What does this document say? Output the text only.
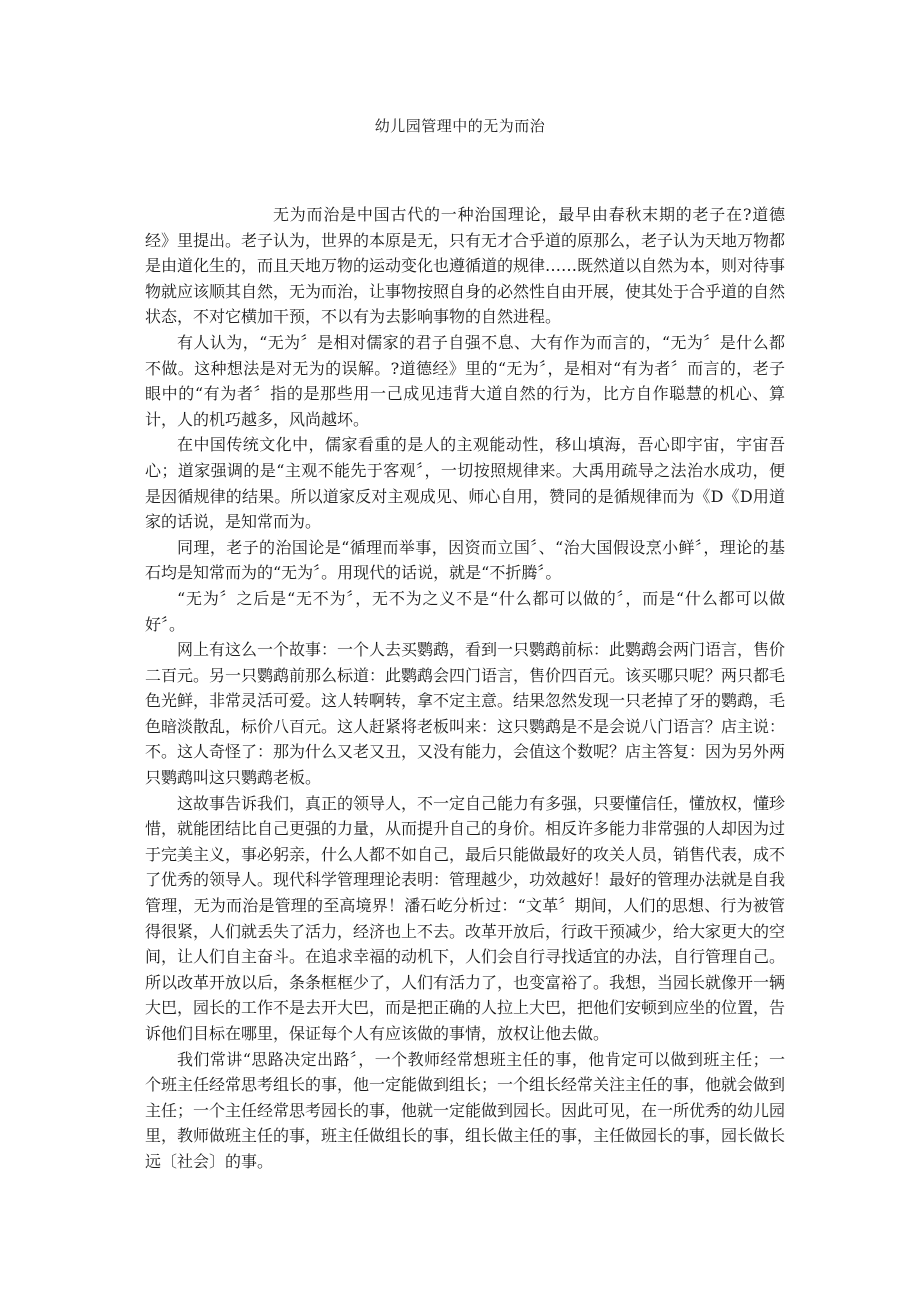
幼儿园管理中的无为而治

无为而治是中国古代的一种治国理论，最早由春秋末期的老子在?道德经》里提出。老子认为，世界的本原是无，只有无才合乎道的原那么，老子认为天地万物都是由道化生的，而且天地万物的运动变化也遵循道的规律……既然道以自然为本，则对待事物就应该顺其自然，无为而治，让事物按照自身的必然性自由开展，使其处于合乎道的自然状态，不对它横加干预，不以有为去影响事物的自然进程。

有人认为，“无为〞是相对儒家的君子自强不息、大有作为而言的，“无为〞是什么都不做。这种想法是对无为的误解。?道德经》里的“无为〞，是相对“有为者〞而言的，老子眼中的“有为者〞指的是那些用一己成见违背大道自然的行为，比方自作聪慧的机心、算计，人的机巧越多，风尚越坏。

在中国传统文化中，儒家看重的是人的主观能动性，移山填海，吾心即宇宙，宇宙吾心；道家强调的是“主观不能先于客观〞，一切按照规律来。大禹用疏导之法治水成功，便是因循规律的结果。所以道家反对主观成见、师心自用，赞同的是循规律而为《D《D用道家的话说，是知常而为。

同理，老子的治国论是“循理而举事，因资而立国〞、“治大国假设烹小鲜〞，理论的基石均是知常而为的“无为〞。用现代的话说，就是“不折腾〞。

“无为〞之后是“无不为〞，无不为之义不是“什么都可以做的〞，而是“什么都可以做好〞。

网上有这么一个故事：一个人去买鹦鹉，看到一只鹦鹉前标：此鹦鹉会两门语言，售价二百元。另一只鹦鹉前那么标道：此鹦鹉会四门语言，售价四百元。该买哪只呢？两只都毛色光鲜，非常灵活可爱。这人转啊转，拿不定主意。结果忽然发现一只老掉了牙的鹦鹉，毛色暗淡散乱，标价八百元。这人赶紧将老板叫来：这只鹦鹉是不是会说八门语言？店主说：不。这人奇怪了：那为什么又老又丑，又没有能力，会值这个数呢？店主答复：因为另外两只鹦鹉叫这只鹦鹉老板。

这故事告诉我们，真正的领导人，不一定自己能力有多强，只要懂信任，懂放权，懂珍惜，就能团结比自己更强的力量，从而提升自己的身价。相反许多能力非常强的人却因为过于完美主义，事必躬亲，什么人都不如自己，最后只能做最好的攻关人员，销售代表，成不了优秀的领导人。现代科学管理理论表明：管理越少，功效越好！最好的管理办法就是自我管理，无为而治是管理的至高境界！潘石屹分析过：“文革〞期间，人们的思想、行为被管得很紧，人们就丢失了活力，经济也上不去。改革开放后，行政干预减少，给大家更大的空间，让人们自主奋斗。在追求幸福的动机下，人们会自行寻找适宜的办法，自行管理自己。所以改革开放以后，条条框框少了，人们有活力了，也变富裕了。我想，当园长就像开一辆大巴，园长的工作不是去开大巴，而是把正确的人拉上大巴，把他们安顿到应坐的位置，告诉他们目标在哪里，保证每个人有应该做的事情，放权让他去做。

我们常讲“思路决定出路〞，一个教师经常想班主任的事，他肯定可以做到班主任；一个班主任经常思考组长的事，他一定能做到组长；一个组长经常关注主任的事，他就会做到主任；一个主任经常思考园长的事，他就一定能做到园长。因此可见，在一所优秀的幼儿园里，教师做班主任的事，班主任做组长的事，组长做主任的事，主任做园长的事，园长做长远〔社会〕的事。
